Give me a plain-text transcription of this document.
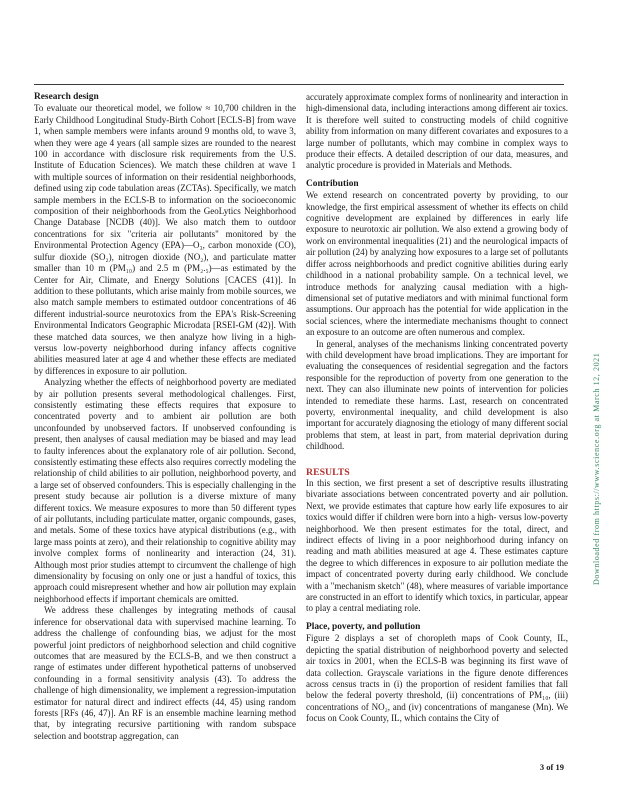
Research design

To evaluate our theoretical model, we follow ≈ 10,700 children in the Early Childhood Longitudinal Study-Birth Cohort [ECLS-B] from wave 1, when sample members were infants around 9 months old, to wave 3, when they were age 4 years (all sample sizes are rounded to the nearest 100 in accordance with disclosure risk requirements from the U.S. Institute of Education Sciences). We match these children at wave 1 with multiple sources of information on their residential neighborhoods, defined using zip code tabulation areas (ZCTAs). Specifically, we match sample members in the ECLS-B to information on the socioeconomic composition of their neighborhoods from the GeoLytics Neighborhood Change Database [NCDB (40)]. We also match them to outdoor concentrations for six "criteria air pollutants" monitored by the Environmental Protection Agency (EPA)—O₃, carbon monoxide (CO), sulfur dioxide (SO₂), nitrogen dioxide (NO₂), and particulate matter smaller than 10 m (PM₁₀) and 2.5 m (PM₂.₅)—as estimated by the Center for Air, Climate, and Energy Solutions [CACES (41)]. In addition to these pollutants, which arise mainly from mobile sources, we also match sample members to estimated outdoor concentrations of 46 different industrial-source neurotoxics from the EPA's Risk-Screening Environmental Indicators Geographic Microdata [RSEI-GM (42)]. With these matched data sources, we then analyze how living in a high- versus low-poverty neighborhood during infancy affects cognitive abilities measured later at age 4 and whether these effects are mediated by differences in exposure to air pollution.

Analyzing whether the effects of neighborhood poverty are mediated by air pollution presents several methodological challenges. First, consistently estimating these effects requires that exposure to concentrated poverty and to ambient air pollution are both unconfounded by unobserved factors. If unobserved confounding is present, then analyses of causal mediation may be biased and may lead to faulty inferences about the explanatory role of air pollution. Second, consistently estimating these effects also requires correctly modeling the relationship of child abilities to air pollution, neighborhood poverty, and a large set of observed confounders. This is especially challenging in the present study because air pollution is a diverse mixture of many different toxics. We measure exposures to more than 50 different types of air pollutants, including particulate matter, organic compounds, gases, and metals. Some of these toxics have atypical distributions (e.g., with large mass points at zero), and their relationship to cognitive ability may involve complex forms of nonlinearity and interaction (24, 31). Although most prior studies attempt to circumvent the challenge of high dimensionality by focusing on only one or just a handful of toxics, this approach could misrepresent whether and how air pollution may explain neighborhood effects if important chemicals are omitted.

We address these challenges by integrating methods of causal inference for observational data with supervised machine learning. To address the challenge of confounding bias, we adjust for the most powerful joint predictors of neighborhood selection and child cognitive outcomes that are measured by the ECLS-B, and we then construct a range of estimates under different hypothetical patterns of unobserved confounding in a formal sensitivity analysis (43). To address the challenge of high dimensionality, we implement a regression-imputation estimator for natural direct and indirect effects (44, 45) using random forests [RFs (46, 47)]. An RF is an ensemble machine learning method that, by integrating recursive partitioning with random subspace selection and bootstrap aggregation, can

accurately approximate complex forms of nonlinearity and interaction in high-dimensional data, including interactions among different air toxics. It is therefore well suited to constructing models of child cognitive ability from information on many different covariates and exposures to a large number of pollutants, which may combine in complex ways to produce their effects. A detailed description of our data, measures, and analytic procedure is provided in Materials and Methods.

Contribution

We extend research on concentrated poverty by providing, to our knowledge, the first empirical assessment of whether its effects on child cognitive development are explained by differences in early life exposure to neurotoxic air pollution. We also extend a growing body of work on environmental inequalities (21) and the neurological impacts of air pollution (24) by analyzing how exposures to a large set of pollutants differ across neighborhoods and predict cognitive abilities during early childhood in a national probability sample. On a technical level, we introduce methods for analyzing causal mediation with a high-dimensional set of putative mediators and with minimal functional form assumptions. Our approach has the potential for wide application in the social sciences, where the intermediate mechanisms thought to connect an exposure to an outcome are often numerous and complex.

In general, analyses of the mechanisms linking concentrated poverty with child development have broad implications. They are important for evaluating the consequences of residential segregation and the factors responsible for the reproduction of poverty from one generation to the next. They can also illuminate new points of intervention for policies intended to remediate these harms. Last, research on concentrated poverty, environmental inequality, and child development is also important for accurately diagnosing the etiology of many different social problems that stem, at least in part, from material deprivation during childhood.

RESULTS

In this section, we first present a set of descriptive results illustrating bivariate associations between concentrated poverty and air pollution. Next, we provide estimates that capture how early life exposures to air toxics would differ if children were born into a high- versus low-poverty neighborhood. We then present estimates for the total, direct, and indirect effects of living in a poor neighborhood during infancy on reading and math abilities measured at age 4. These estimates capture the degree to which differences in exposure to air pollution mediate the impact of concentrated poverty during early childhood. We conclude with a "mechanism sketch" (48), where measures of variable importance are constructed in an effort to identify which toxics, in particular, appear to play a central mediating role.

Place, poverty, and pollution

Figure 2 displays a set of choropleth maps of Cook County, IL, depicting the spatial distribution of neighborhood poverty and selected air toxics in 2001, when the ECLS-B was beginning its first wave of data collection. Grayscale variations in the figure denote differences across census tracts in (i) the proportion of resident families that fall below the federal poverty threshold, (ii) concentrations of PM₁₀, (iii) concentrations of NO₂, and (iv) concentrations of manganese (Mn). We focus on Cook County, IL, which contains the City of

Downloaded from https://www.science.org at March 12, 2021
3 of 19
